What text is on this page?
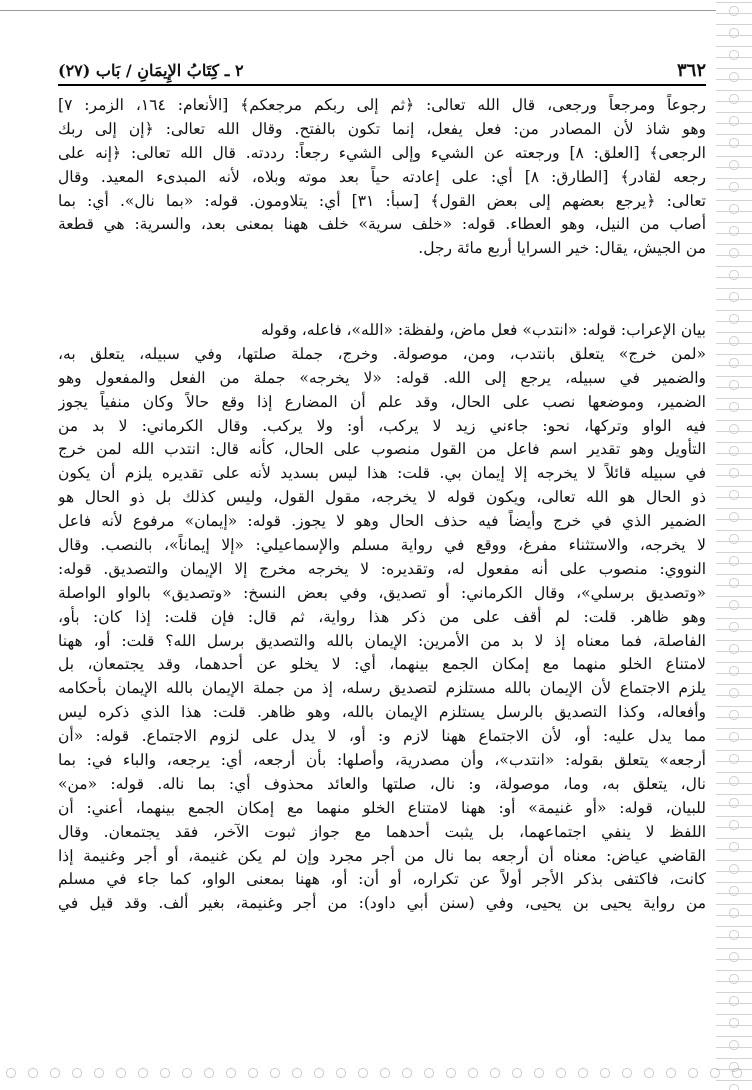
٣٦٢
٢ ـ كِتَابُ الإِيمَانِ / بَاب (٢٧)
رجوعاً ومرجعاً ورجعى، قال الله تعالى: ﴿ثم إلى ربكم مرجعكم﴾ [الأنعام: ١٦٤، الزمر: ٧]
وهو شاذ لأن المصادر من: فعل يفعل، إنما تكون بالفتح. وقال الله تعالى: ﴿إن إلى ربك
الرجعى﴾ [العلق: ٨] ورجعته عن الشيء وإلى الشيء رجعاً: رددته. قال الله تعالى: ﴿إنه على
رجعه لقادر﴾ [الطارق: ٨] أي: على إعادته حياً بعد موته وبلاه، لأنه المبدىء المعيد. وقال
تعالى: ﴿يرجع بعضهم إلى بعض القول﴾ [سبأ: ٣١] أي: يتلاومون. قوله: «بما نال». أي: بما
أصاب من النيل، وهو العطاء. قوله: «خلف سرية» خلف ههنا بمعنى بعد، والسرية: هي قطعة
من الجيش، يقال: خير السرايا أربع مائة رجل.
بيان الإعراب: قوله: «انتدب» فعل ماض، ولفظة: «الله»، فاعله، وقوله
«لمن خرج» يتعلق بانتدب، ومن، موصولة. وخرج، جملة صلتها، وفي سبيله، يتعلق به،
والضمير في سبيله، يرجع إلى الله. قوله: «لا يخرجه» جملة من الفعل والمفعول وهو
الضمير، وموضعها نصب على الحال، وقد علم أن المضارع إذا وقع حالاً وكان منفياً يجوز
فيه الواو وتركها، نحو: جاءني زيد لا يركب، أو: ولا يركب. وقال الكرماني: لا بد من
التأويل وهو تقدير اسم فاعل من القول منصوب على الحال، كأنه قال: انتدب الله لمن خرج
في سبيله قائلاً لا يخرجه إلا إيمان بي. قلت: هذا ليس بسديد لأنه على تقديره يلزم أن يكون
ذو الحال هو الله تعالى، ويكون قوله لا يخرجه، مقول القول، وليس كذلك بل ذو الحال هو
الضمير الذي في خرج وأيضاً فيه حذف الحال وهو لا يجوز. قوله: «إيمان» مرفوع لأنه فاعل
لا يخرجه، والاستثناء مفرغ، ووقع في رواية مسلم والإسماعيلي: «إلا إيماناً»، بالنصب. وقال
النووي: منصوب على أنه مفعول له، وتقديره: لا يخرجه مخرج إلا الإيمان والتصديق. قوله:
«وتصديق برسلي»، وقال الكرماني: أو تصديق، وفي بعض النسخ: «وتصديق» بالواو الواصلة
وهو ظاهر. قلت: لم أقف على من ذكر هذا رواية، ثم قال: فإن قلت: إذا كان: بأو،
الفاصلة، فما معناه إذ لا بد من الأمرين: الإيمان بالله والتصديق برسل الله؟ قلت: أو، ههنا
لامتناع الخلو منهما مع إمكان الجمع بينهما، أي: لا يخلو عن أحدهما، وقد يجتمعان، بل
يلزم الاجتماع لأن الإيمان بالله مستلزم لتصديق رسله، إذ من جملة الإيمان بالله الإيمان بأحكامه
وأفعاله، وكذا التصديق بالرسل يستلزم الإيمان بالله، وهو ظاهر. قلت: هذا الذي ذكره ليس
مما يدل عليه: أو، لأن الاجتماع ههنا لازم و: أو، لا يدل على لزوم الاجتماع. قوله: «أن
أرجعه» يتعلق بقوله: «انتدب»، وأن مصدرية، وأصلها: بأن أرجعه، أي: يرجعه، والباء في: بما
نال، يتعلق به، وما، موصولة، و: نال، صلتها والعائد محذوف أي: بما ناله. قوله: «من»
للبيان، قوله: «أو غنيمة» أو: ههنا لامتناع الخلو منهما مع إمكان الجمع بينهما، أعني: أن
اللفظ لا ينفي اجتماعهما، بل يثبت أحدهما مع جواز ثبوت الآخر، فقد يجتمعان. وقال
القاضي عياض: معناه أن أرجعه بما نال من أجر مجرد وإن لم يكن غنيمة، أو أجر وغنيمة إذا
كانت، فاكتفى بذكر الأجر أولاً عن تكراره، أو أن: أو، ههنا بمعنى الواو، كما جاء في مسلم
من رواية يحيى بن يحيى، وفي (سنن أبي داود): من أجر وغنيمة، بغير ألف. وقد قيل في
